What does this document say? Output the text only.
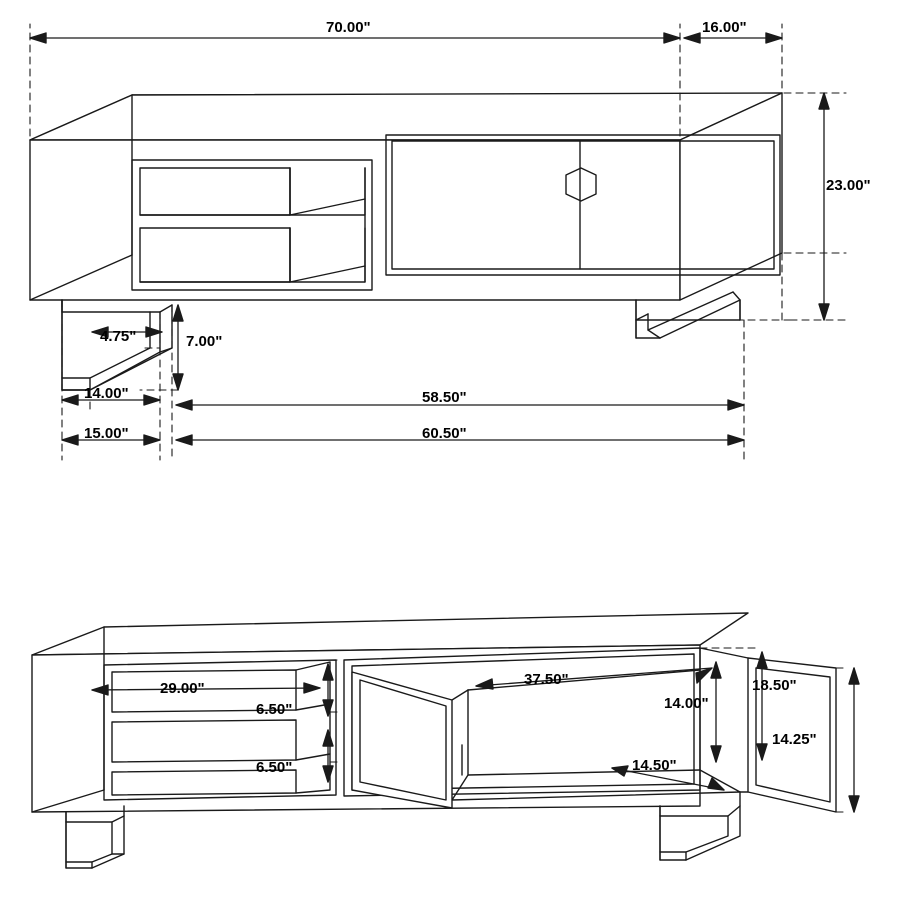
70.00"	16.00"
23.00"
4.75"	7.00"
14.00"
15.00"
58.50"
60.50"
29.00"
6.50"
6.50"
37.50"
14.00"
14.50"
18.50"
14.25"
